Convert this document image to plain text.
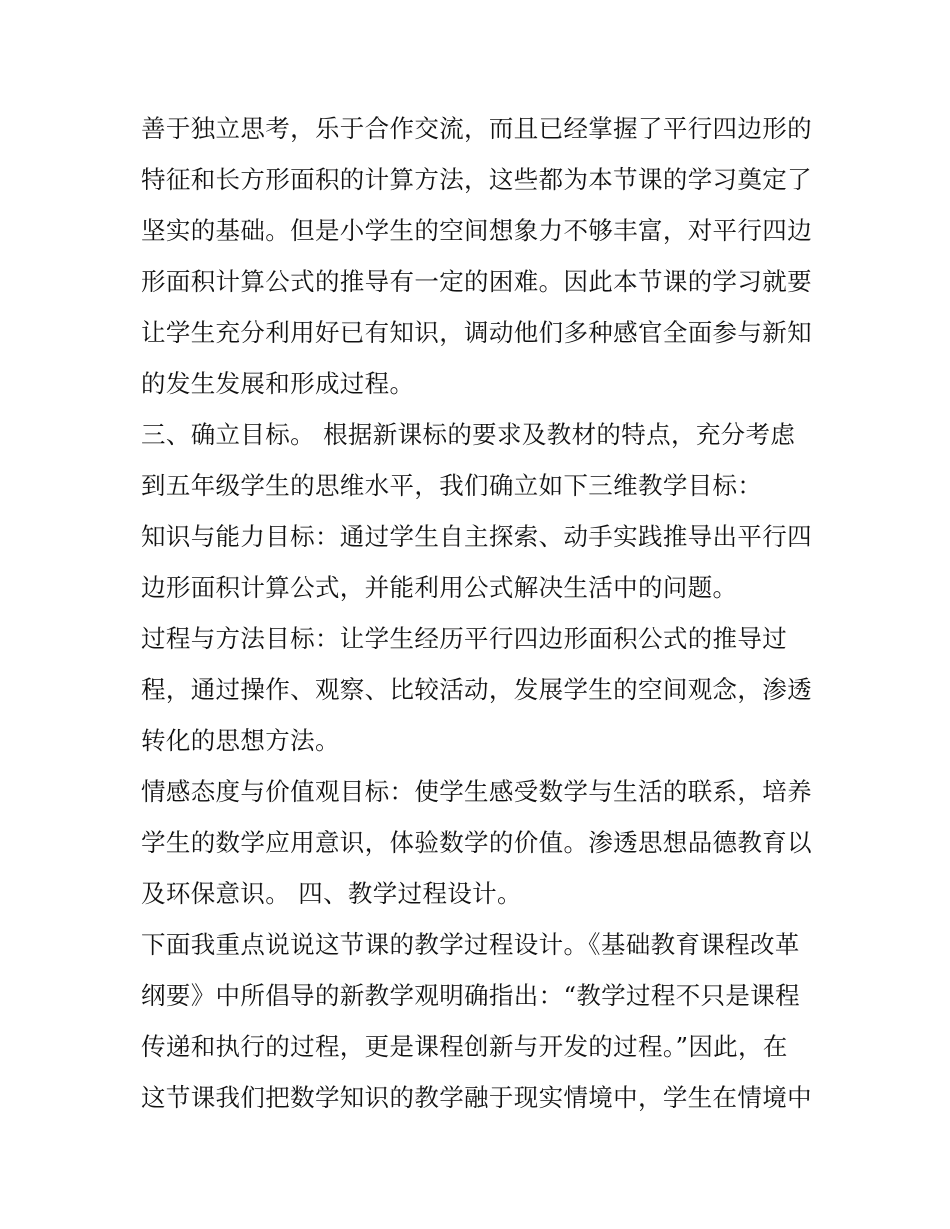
善于独立思考，乐于合作交流，而且已经掌握了平行四边形的
特征和长方形面积的计算方法，这些都为本节课的学习奠定了
坚实的基础。但是小学生的空间想象力不够丰富，对平行四边
形面积计算公式的推导有一定的困难。因此本节课的学习就要
让学生充分利用好已有知识，调动他们多种感官全面参与新知
的发生发展和形成过程。
三、确立目标。 根据新课标的要求及教材的特点，充分考虑
到五年级学生的思维水平，我们确立如下三维教学目标：
知识与能力目标：通过学生自主探索、动手实践推导出平行四
边形面积计算公式，并能利用公式解决生活中的问题。
过程与方法目标：让学生经历平行四边形面积公式的推导过
程，通过操作、观察、比较活动，发展学生的空间观念，渗透
转化的思想方法。
情感态度与价值观目标：使学生感受数学与生活的联系，培养
学生的数学应用意识，体验数学的价值。渗透思想品德教育以
及环保意识。 四、教学过程设计。
下面我重点说说这节课的教学过程设计。《基础教育课程改革
纲要》中所倡导的新教学观明确指出：“教学过程不只是课程
传递和执行的过程，更是课程创新与开发的过程。”因此，在
这节课我们把数学知识的教学融于现实情境中，学生在情境中
